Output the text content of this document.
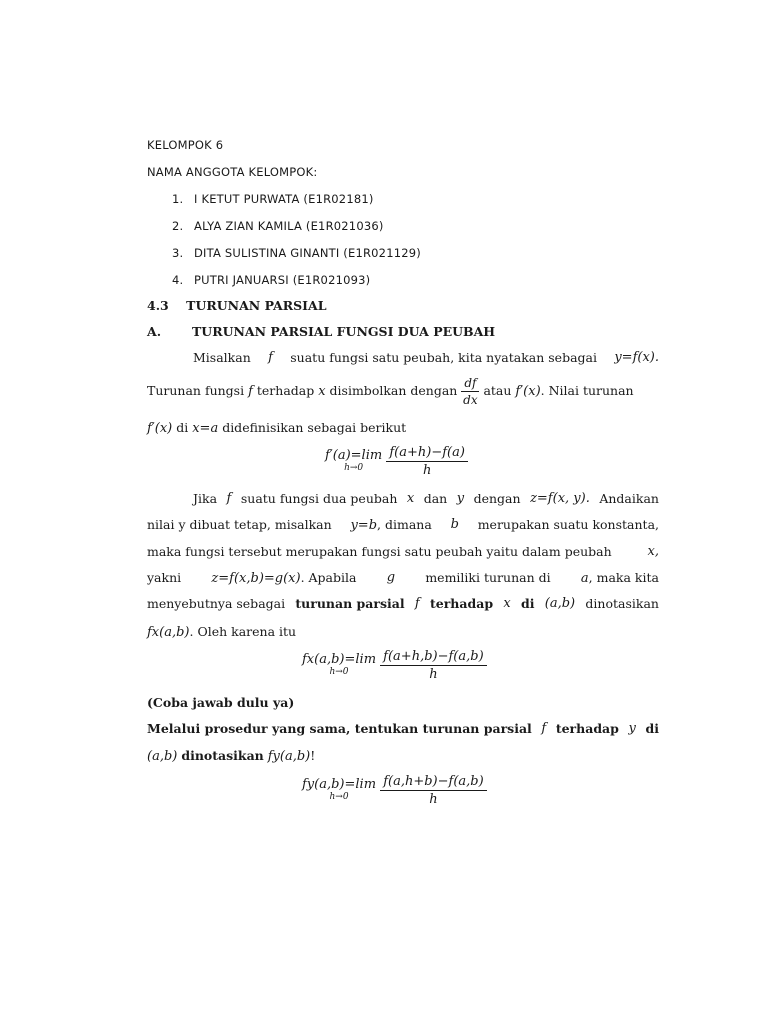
KELOMPOK 6
NAMA ANGGOTA KELOMPOK:
1. I KETUT PURWATA (E1R02181)
2. ALYA ZIAN KAMILA (E1R021036)
3. DITA SULISTINA GINANTI (E1R021129)
4. PUTRI JANUARSI (E1R021093)
4.3 TURUNAN PARSIAL
A. TURUNAN PARSIAL FUNGSI DUA PEUBAH
Misalkan f suatu fungsi satu peubah, kita nyatakan sebagai y=f(x).
Turunan fungsi f terhadap x disimbolkan dengan $\frac{df}{dx}$ atau f′(x). Nilai turunan
f′(x) di x=a didefinisikan sebagai berikut
f′(a)=lim
h→0
	$\frac{f(a+h)-f(a)}{h}$
Jika f suatu fungsi dua peubah x dan y dengan z=f(x, y). Andaikan
nilai y dibuat tetap, misalkan y=b, dimana b merupakan suatu konstanta,
maka fungsi tersebut merupakan fungsi satu peubah yaitu dalam peubah	x,
yakni z=f(x,b)=g(x). Apabila g memiliki turunan di a, maka kita
menyebutnya sebagai turunan parsial f terhadap x di (a,b) dinotasikan
fx(a,b). Oleh karena itu
fx(a,b)=lim
h→0
	$\frac{f(a+h,b)-f(a,b)}{h}$
(Coba jawab dulu ya)
Melalui prosedur yang sama, tentukan turunan parsial f terhadap y di
(a,b) dinotasikan fy(a,b)!
fy(a,b)=lim
h→0
	$\frac{f(a,h+b)-f(a,b)}{h}$
